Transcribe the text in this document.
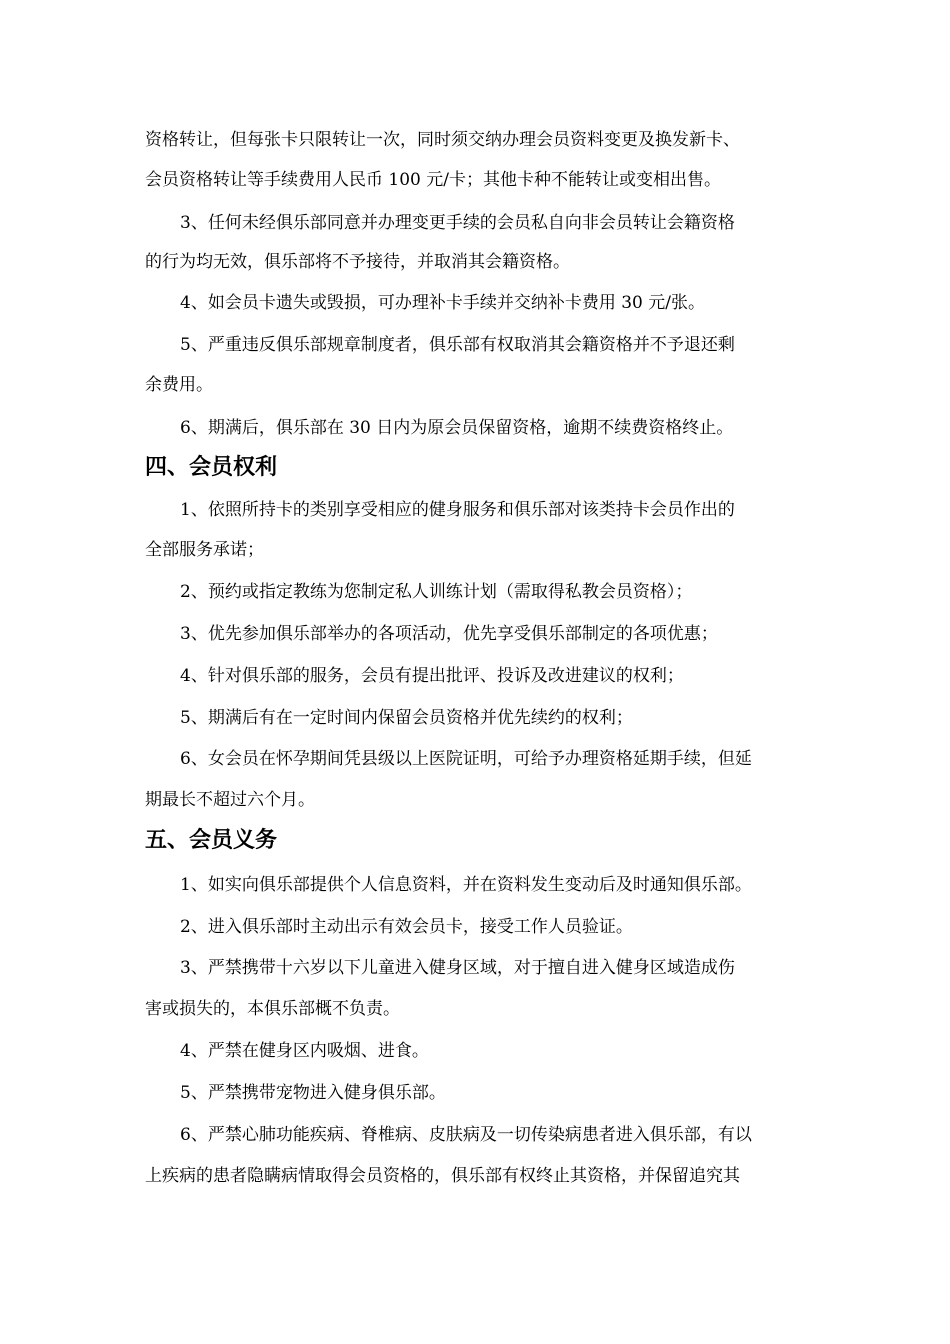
资格转让，但每张卡只限转让一次，同时须交纳办理会员资料变更及换发新卡、
会员资格转让等手续费用人民币 100 元/卡；其他卡种不能转让或变相出售。
3、任何未经俱乐部同意并办理变更手续的会员私自向非会员转让会籍资格
的行为均无效，俱乐部将不予接待，并取消其会籍资格。
4、如会员卡遗失或毁损，可办理补卡手续并交纳补卡费用 30 元/张。
5、严重违反俱乐部规章制度者，俱乐部有权取消其会籍资格并不予退还剩
余费用。
6、期满后，俱乐部在 30 日内为原会员保留资格，逾期不续费资格终止。
四、会员权利
1、依照所持卡的类别享受相应的健身服务和俱乐部对该类持卡会员作出的
全部服务承诺；
2、预约或指定教练为您制定私人训练计划（需取得私教会员资格）；
3、优先参加俱乐部举办的各项活动，优先享受俱乐部制定的各项优惠；
4、针对俱乐部的服务，会员有提出批评、投诉及改进建议的权利；
5、期满后有在一定时间内保留会员资格并优先续约的权利；
6、女会员在怀孕期间凭县级以上医院证明，可给予办理资格延期手续，但延
期最长不超过六个月。
五、会员义务
1、如实向俱乐部提供个人信息资料，并在资料发生变动后及时通知俱乐部。
2、进入俱乐部时主动出示有效会员卡，接受工作人员验证。
3、严禁携带十六岁以下儿童进入健身区域，对于擅自进入健身区域造成伤
害或损失的，本俱乐部概不负责。
4、严禁在健身区内吸烟、进食。
5、严禁携带宠物进入健身俱乐部。
6、严禁心肺功能疾病、脊椎病、皮肤病及一切传染病患者进入俱乐部，有以
上疾病的患者隐瞒病情取得会员资格的，俱乐部有权终止其资格，并保留追究其
